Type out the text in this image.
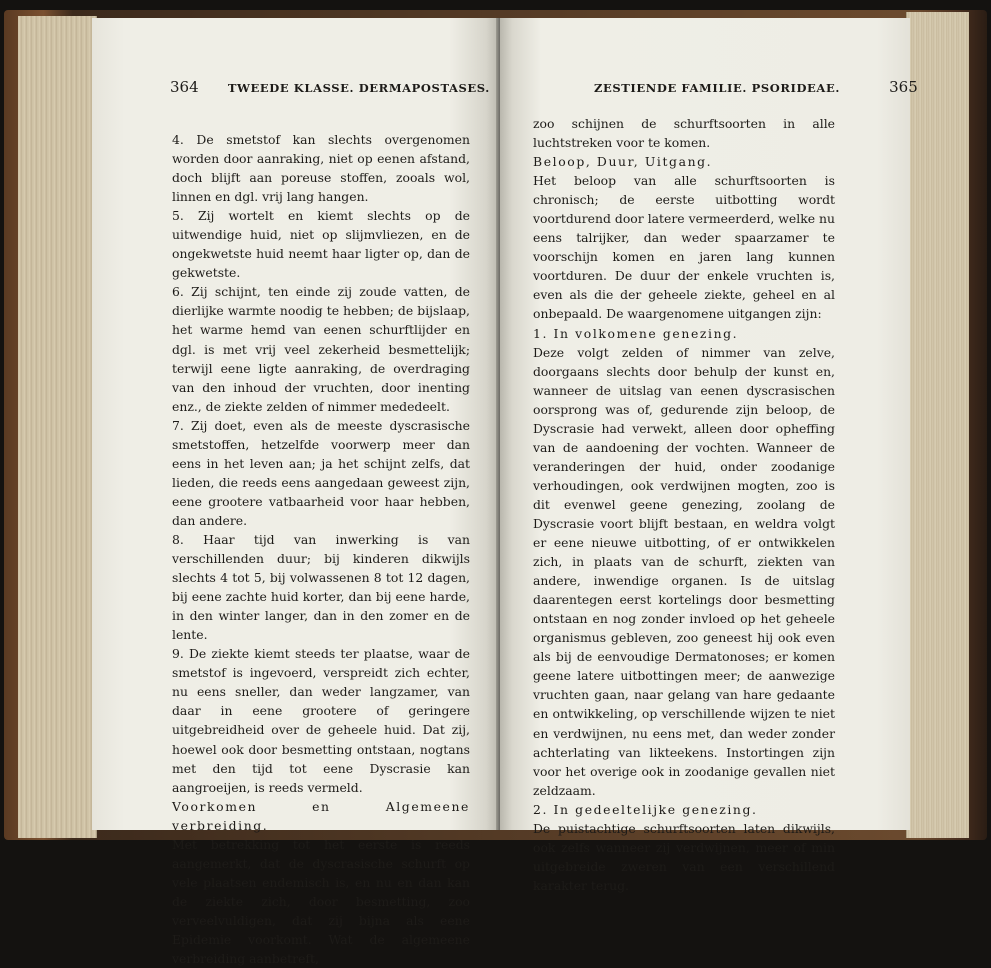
364	TWEEDE KLASSE. DERMAPOSTASES.

4. De smetstof kan slechts overgenomen worden door aanraking, niet op eenen afstand, doch blijft aan poreuse stoffen, zooals wol, linnen en dgl. vrij lang hangen.

5. Zij wortelt en kiemt slechts op de uitwendige huid, niet op slijmvliezen, en de ongekwetste huid neemt haar ligter op, dan de gekwetste.

6. Zij schijnt, ten einde zij zoude vatten, de dierlijke warmte noodig te hebben; de bijslaap, het warme hemd van eenen schurftlijder en dgl. is met vrij veel zekerheid besmettelijk; terwijl eene ligte aanraking, de overdraging van den inhoud der vruchten, door inenting enz., de ziekte zelden of nimmer mededeelt.

7. Zij doet, even als de meeste dyscrasische smetstoffen, hetzelfde voorwerp meer dan eens in het leven aan; ja het schijnt zelfs, dat lieden, die reeds eens aangedaan geweest zijn, eene grootere vatbaarheid voor haar hebben, dan andere.

8. Haar tijd van inwerking is van verschillenden duur; bij kinderen dikwijls slechts 4 tot 5, bij volwassenen 8 tot 12 dagen, bij eene zachte huid korter, dan bij eene harde, in den winter langer, dan in den zomer en de lente.

9. De ziekte kiemt steeds ter plaatse, waar de smetstof is ingevoerd, verspreidt zich echter, nu eens sneller, dan weder langzamer, van daar in eene grootere of geringere uitgebreidheid over de geheele huid. Dat zij, hoewel ook door besmetting ontstaan, nogtans met den tijd tot eene Dyscrasie kan aangroeijen, is reeds vermeld.

Voorkomen en Algemeene verbreiding.

Met betrekking tot het eerste is reeds aangemerkt, dat de dyscrasische schurft op vele plaatsen endemisch is, en nu en dan kan de ziekte zich, door besmetting, zoo verveelvuldigen, dat zij bijna als eene Epidemie voorkomt. Wat de algemeene verbreiding aanbetreft,

ZESTIENDE FAMILIE. PSORIDEAE.	365

zoo schijnen de schurftsoorten in alle luchtstreken voor te komen.

Beloop, Duur, Uitgang.

Het beloop van alle schurftsoorten is chronisch; de eerste uitbotting wordt voortdurend door latere vermeerderd, welke nu eens talrijker, dan weder spaarzamer te voorschijn komen en jaren lang kunnen voortduren. De duur der enkele vruchten is, even als die der geheele ziekte, geheel en al onbepaald. De waargenomene uitgangen zijn:

1. In volkomene genezing.

Deze volgt zelden of nimmer van zelve, doorgaans slechts door behulp der kunst en, wanneer de uitslag van eenen dyscrasischen oorsprong was of, gedurende zijn beloop, de Dyscrasie had verwekt, alleen door opheffing van de aandoening der vochten. Wanneer de veranderingen der huid, onder zoodanige verhoudingen, ook verdwijnen mogten, zoo is dit evenwel geene genezing, zoolang de Dyscrasie voort blijft bestaan, en weldra volgt er eene nieuwe uitbotting, of er ontwikkelen zich, in plaats van de schurft, ziekten van andere, inwendige organen. Is de uitslag daarentegen eerst kortelings door besmetting ontstaan en nog zonder invloed op het geheele organismus gebleven, zoo geneest hij ook even als bij de eenvoudige Dermatonoses; er komen geene latere uitbottingen meer; de aanwezige vruchten gaan, naar gelang van hare gedaante en ontwikkeling, op verschillende wijzen te niet en verdwijnen, nu eens met, dan weder zonder achterlating van likteekens. Instortingen zijn voor het overige ook in zoodanige gevallen niet zeldzaam.

2. In gedeeltelijke genezing.

De puistachtige schurftsoorten laten dikwijls, ook zelfs wanneer zij verdwijnen, meer of min uitgebreide zweren van een verschillend karakter terug.
